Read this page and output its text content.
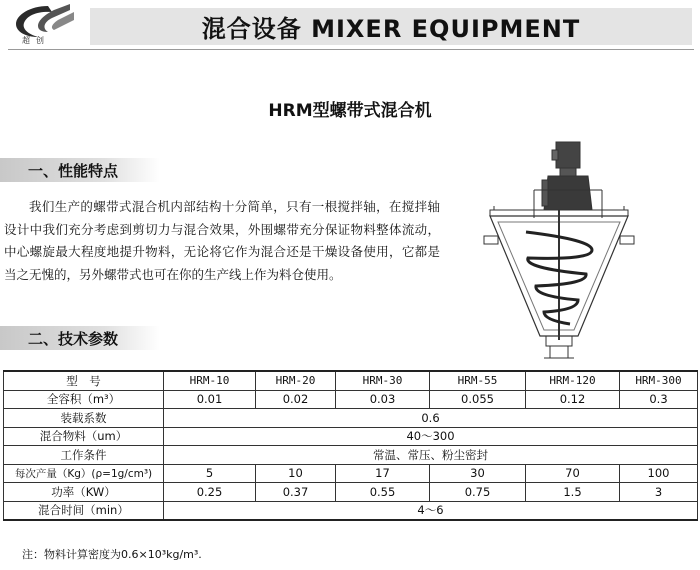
超创	混合设备 MIXER EQUIPMENT
HRM型螺带式混合机
一、性能特点
我们生产的螺带式混合机内部结构十分简单，只有一根搅拌轴，在搅拌轴设计中我们充分考虑到剪切力与混合效果，外围螺带充分保证物料整体流动，中心螺旋最大程度地提升物料，无论将它作为混合还是干燥设备使用，它都是当之无愧的，另外螺带式也可在你的生产线上作为料仓使用。
二、技术参数
型　号	HRM-10	HRM-20	HRM-30	HRM-55	HRM-120	HRM-300
全容积（m³）	0.01	0.02	0.03	0.055	0.12	0.3
装载系数	0.6					
混合物料（um）	40～300					
工作条件	常温、常压、粉尘密封					
每次产量（Kg）(ρ=1g/cm³)	5	10	17	30	70	100
功率（KW）	0.25	0.37	0.55	0.75	1.5	3
混合时间（min）	4～6					
注：物料计算密度为0.6×10³kg/m³.
